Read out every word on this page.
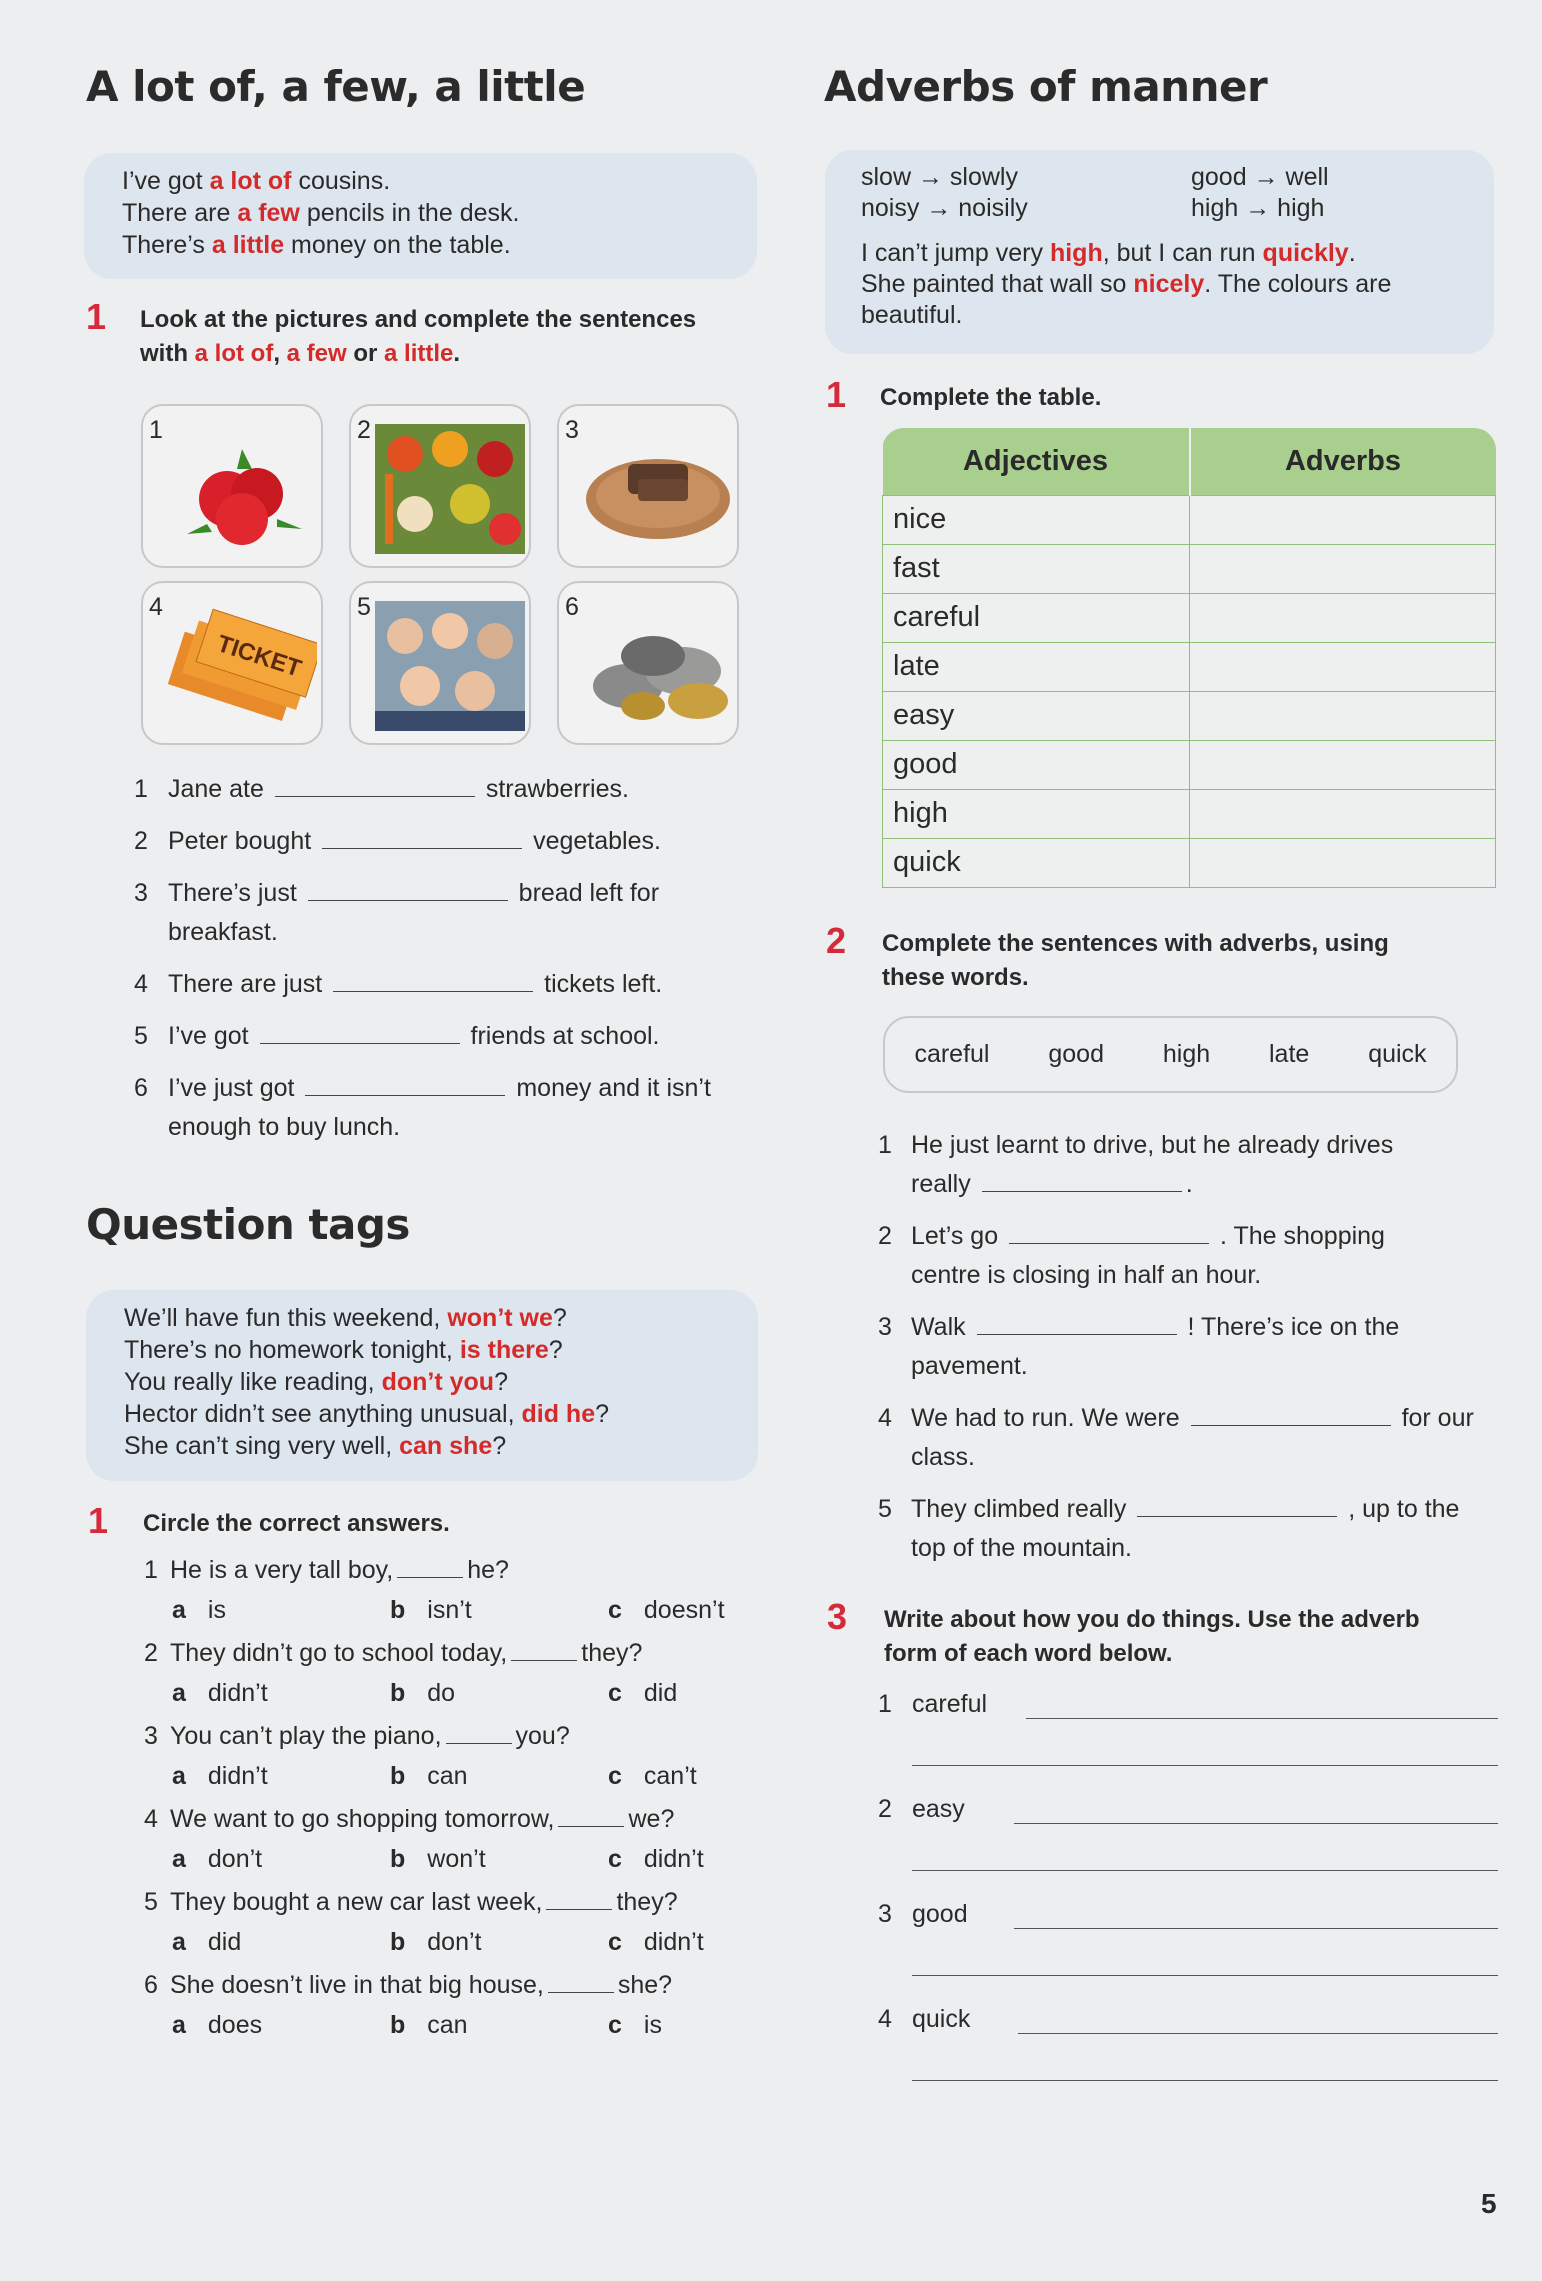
A lot of, a few, a little
I’ve got a lot of cousins.
There are a few pencils in the desk.
There’s a little money on the table.
1 Look at the pictures and complete the sentences
with a lot of, a few or a little.
1	2	3
4
TICKET
5	6
1 Jane ate	strawberries.
2 Peter bought	vegetables.
3 There’s just	bread left for
breakfast.
4 There are just	tickets left.
5 I’ve got	friends at school.
6 I’ve just got	money and it isn’t
enough to buy lunch.
Question tags
We’ll have fun this weekend, won’t we?
There’s no homework tonight, is there?
You really like reading, don’t you?
Hector didn’t see anything unusual, did he?
She can’t sing very well, can she?
1 Circle the correct answers.
1 He is a very tall boy,	he?
a is	b isn’t	c doesn’t
2 They didn’t go to school today,	they?
a didn’t	b do	c did
3 You can’t play the piano,	you?
a didn’t	b can	c can’t
4 We want to go shopping tomorrow,	we?
a don’t	b won’t	c didn’t
5 They bought a new car last week,	they?
a did	b don’t	c didn’t
6 She doesn’t live in that big house,	she?
a does	b can	c is
Adverbs of manner
slow → slowly	good → well
noisy → noisily	high → high
I can’t jump very high, but I can run quickly.
She painted that wall so nicely. The colours are
beautiful.
1 Complete the table.
Adjectives	Adverbs
nice	
fast	
careful	
late	
easy	
good	
high	
quick	
2 Complete the sentences with adverbs, using
these words.
careful good high late quick
1 He just learnt to drive, but he already drives
really	.
2 Let’s go	. The shopping
centre is closing in half an hour.
3 Walk	! There’s ice on the
pavement.
4 We had to run. We were	for our
class.
5 They climbed really	, up to the
top of the mountain.
3 Write about how you do things. Use the adverb
form of each word below.
1 careful
2 easy
3 good
4 quick
5
